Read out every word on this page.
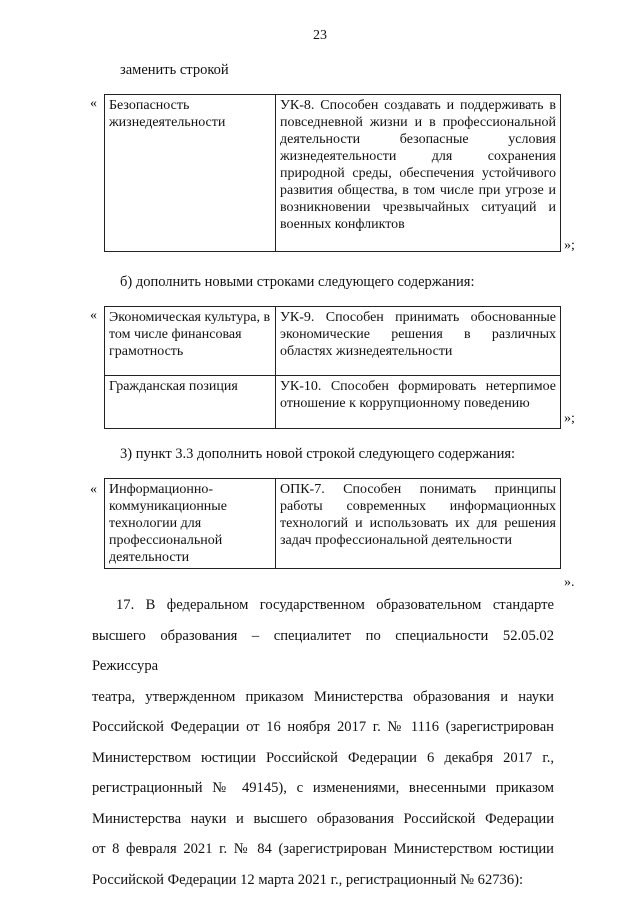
23
заменить строкой
« Безопасность жизнедеятельности	УК-8. Способен создавать и поддерживать в повседневной жизни и в профессиональной деятельности безопасные условия жизнедеятельности для сохранения природной среды, обеспечения устойчивого развития общества, в том числе при угрозе и возникновении чрезвычайных ситуаций и военных конфликтов
»;
б) дополнить новыми строками следующего содержания:
« Экономическая культура, в том числе финансовая грамотность	УК-9. Способен принимать обоснованные экономические решения в различных областях жизнедеятельности
Гражданская позиция	УК-10. Способен формировать нетерпимое отношение к коррупционному поведению
»;
3) пункт 3.3 дополнить новой строкой следующего содержания:
« Информационно-коммуникационные технологии для профессиональной деятельности	ОПК-7. Способен понимать принципы работы современных информационных технологий и использовать их для решения задач профессиональной деятельности
».
17. В федеральном государственном образовательном стандарте
высшего образования – специалитет по специальности 52.05.02 Режиссура
театра, утвержденном приказом Министерства образования и науки
Российской Федерации от 16 ноября 2017 г. № 1116 (зарегистрирован
Министерством юстиции Российской Федерации 6 декабря 2017 г.,
регистрационный № 49145), с изменениями, внесенными приказом
Министерства науки и высшего образования Российской Федерации
от 8 февраля 2021 г. № 84 (зарегистрирован Министерством юстиции
Российской Федерации 12 марта 2021 г., регистрационный № 62736):
